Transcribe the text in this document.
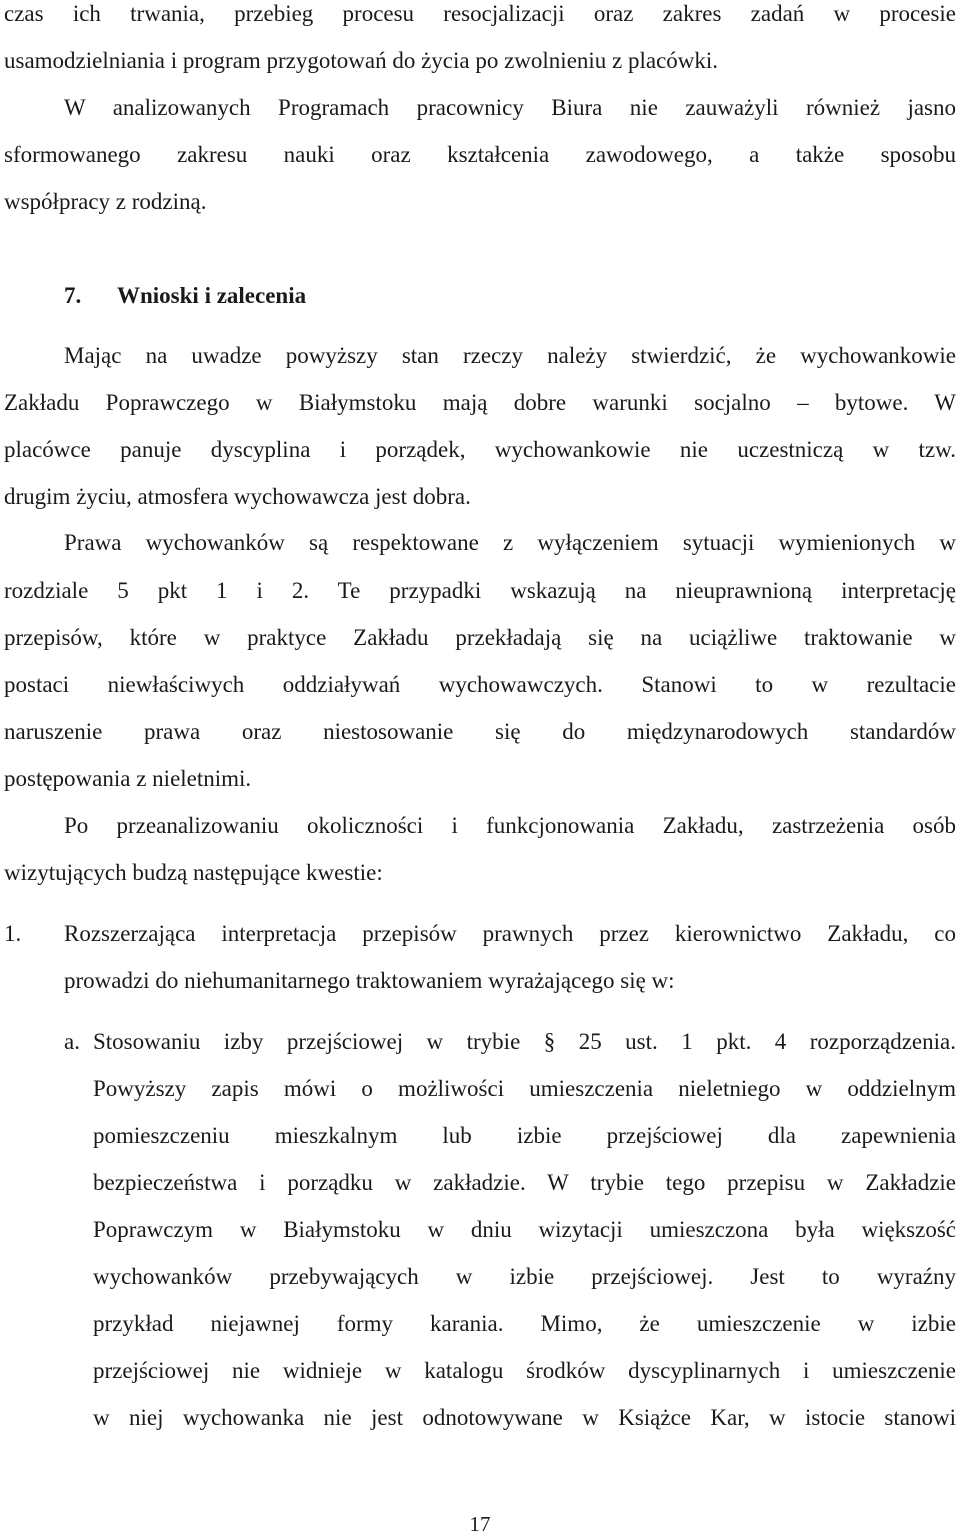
czas ich trwania, przebieg procesu resocjalizacji oraz zakres zadań w procesie
usamodzielniania i program przygotowań do życia po zwolnieniu z placówki.
W analizowanych Programach pracownicy Biura nie zauważyli również jasno
sformowanego zakresu nauki oraz kształcenia zawodowego, a także sposobu
współpracy z rodziną.
7. Wnioski i zalecenia
Mając na uwadze powyższy stan rzeczy należy stwierdzić, że wychowankowie
Zakładu Poprawczego w Białymstoku mają dobre warunki socjalno – bytowe. W
placówce panuje dyscyplina i porządek, wychowankowie nie uczestniczą w tzw.
drugim życiu, atmosfera wychowawcza jest dobra.
Prawa wychowanków są respektowane z wyłączeniem sytuacji wymienionych w
rozdziale 5 pkt 1 i 2. Te przypadki wskazują na nieuprawnioną interpretację
przepisów, które w praktyce Zakładu przekładają się na uciążliwe traktowanie w
postaci niewłaściwych oddziaływań wychowawczych. Stanowi to w rezultacie
naruszenie prawa oraz niestosowanie się do międzynarodowych standardów
postępowania z nieletnimi.
Po przeanalizowaniu okoliczności i funkcjonowania Zakładu, zastrzeżenia osób
wizytujących budzą następujące kwestie:
1. Rozszerzająca interpretacja przepisów prawnych przez kierownictwo Zakładu, co
prowadzi do niehumanitarnego traktowaniem wyrażającego się w:
a. Stosowaniu izby przejściowej w trybie § 25 ust. 1 pkt. 4 rozporządzenia.
Powyższy zapis mówi o możliwości umieszczenia nieletniego w oddzielnym
pomieszczeniu mieszkalnym lub izbie przejściowej dla zapewnienia
bezpieczeństwa i porządku w zakładzie. W trybie tego przepisu w Zakładzie
Poprawczym w Białymstoku w dniu wizytacji umieszczona była większość
wychowanków przebywających w izbie przejściowej. Jest to wyraźny
przykład niejawnej formy karania. Mimo, że umieszczenie w izbie
przejściowej nie widnieje w katalogu środków dyscyplinarnych i umieszczenie
w niej wychowanka nie jest odnotowywane w Książce Kar, w istocie stanowi
17
